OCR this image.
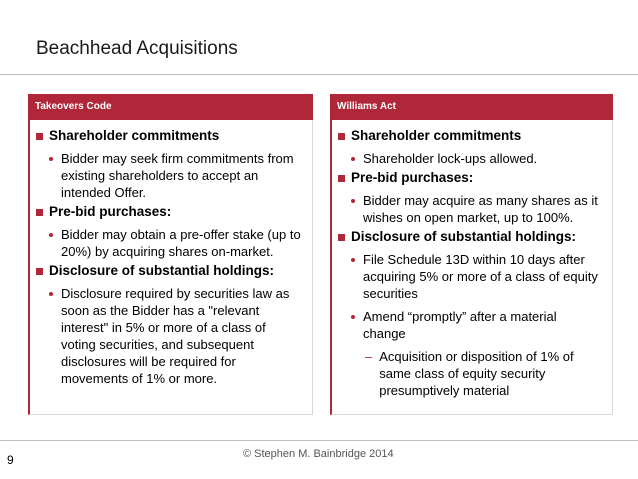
Beachhead Acquisitions
Takeovers Code
Shareholder commitments
Bidder may seek firm commitments from existing shareholders to accept an intended Offer.
Pre-bid purchases:
Bidder may obtain a pre-offer stake (up to 20%) by acquiring shares on-market.
Disclosure of substantial holdings:
Disclosure required by securities law as soon as the Bidder has a "relevant interest" in 5% or more of a class of voting securities, and subsequent disclosures will be required for movements of 1% or more.
Williams Act
Shareholder commitments
Shareholder lock-ups allowed.
Pre-bid purchases:
Bidder may acquire as many shares as it wishes on open market, up to 100%.
Disclosure of substantial holdings:
File Schedule 13D within 10 days after acquiring 5% or more of a class of equity securities
Amend “promptly” after a material change
– Acquisition or disposition of 1% of same class of equity security presumptively material
9	© Stephen M. Bainbridge 2014
